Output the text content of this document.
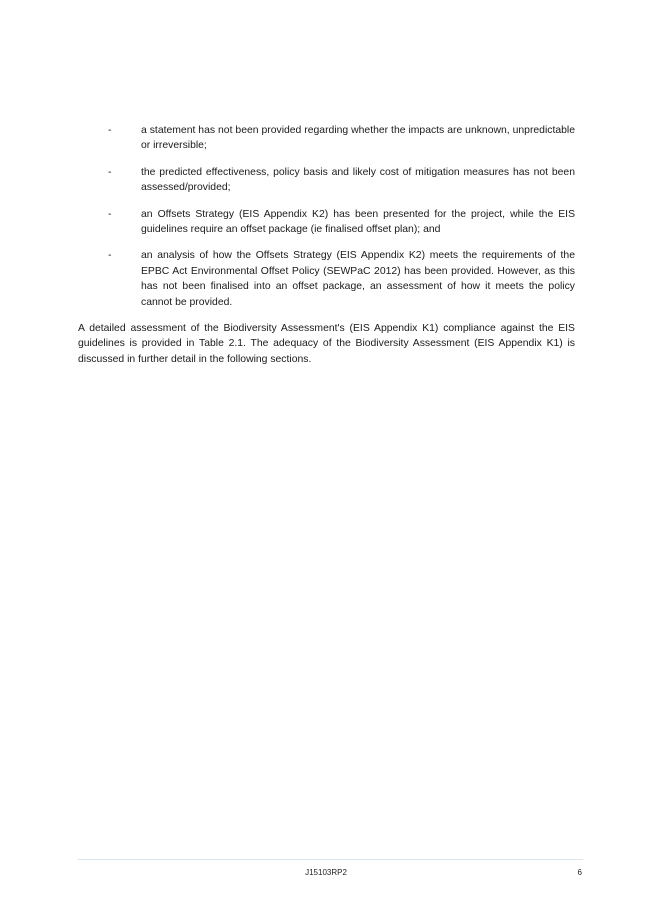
-	a statement has not been provided regarding whether the impacts are unknown, unpredictable or irreversible;
-	the predicted effectiveness, policy basis and likely cost of mitigation measures has not been assessed/provided;
-	an Offsets Strategy (EIS Appendix K2) has been presented for the project, while the EIS guidelines require an offset package (ie finalised offset plan); and
-	an analysis of how the Offsets Strategy (EIS Appendix K2) meets the requirements of the EPBC Act Environmental Offset Policy (SEWPaC 2012) has been provided. However, as this has not been finalised into an offset package, an assessment of how it meets the policy cannot be provided.

A detailed assessment of the Biodiversity Assessment's (EIS Appendix K1) compliance against the EIS guidelines is provided in Table 2.1. The adequacy of the Biodiversity Assessment (EIS Appendix K1) is discussed in further detail in the following sections.

J15103RP2	6
